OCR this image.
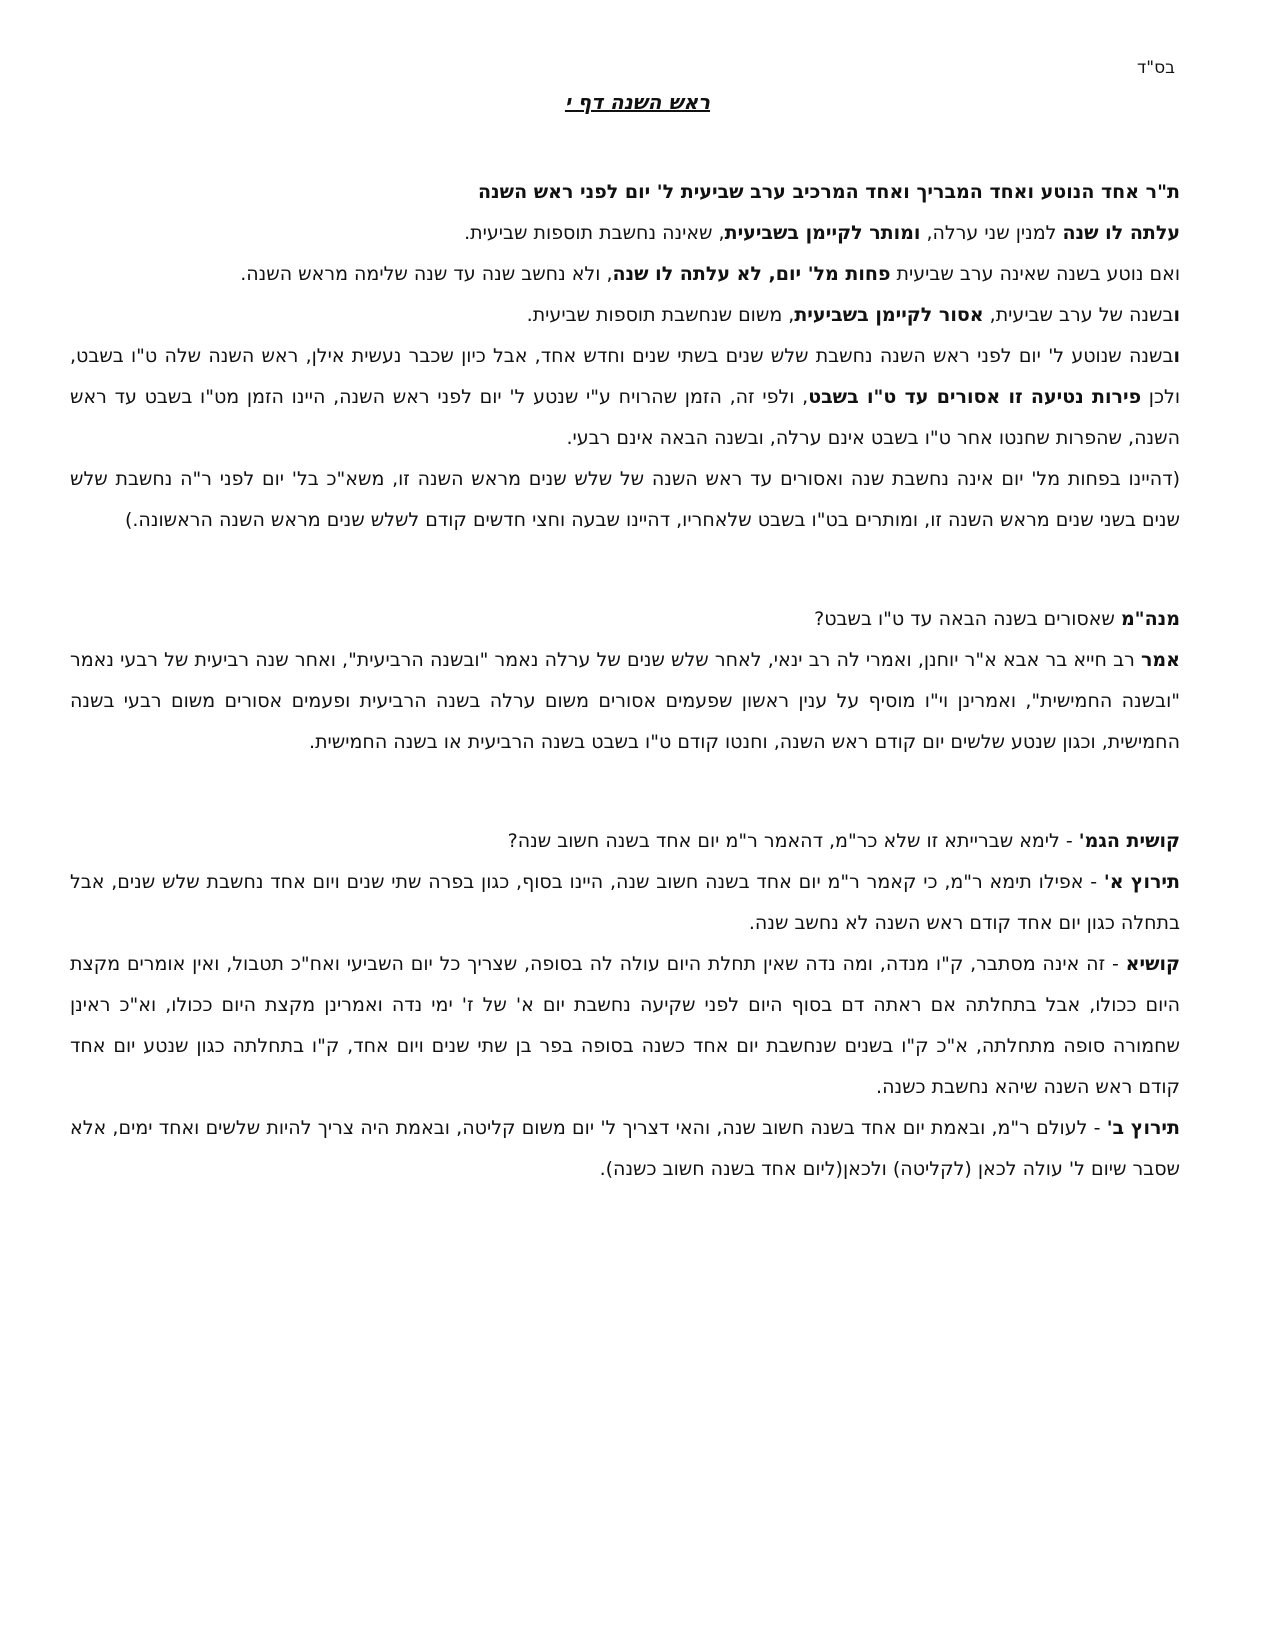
בס"ד
ראש השנה דף י

ת"ר אחד הנוטע ואחד המבריך ואחד המרכיב ערב שביעית ל' יום לפני ראש השנה

עלתה לו שנה למנין שני ערלה, ומותר לקיימן בשביעית, שאינה נחשבת תוספות שביעית.

ואם נוטע בשנה שאינה ערב שביעית פחות מל' יום, לא עלתה לו שנה, ולא נחשב שנה עד שנה שלימה מראש השנה.

ובשנה של ערב שביעית, אסור לקיימן בשביעית, משום שנחשבת תוספות שביעית.

ובשנה שנוטע ל' יום לפני ראש השנה נחשבת שלש שנים בשתי שנים וחדש אחד, אבל כיון שכבר נעשית אילן, ראש השנה שלה ט"ו בשבט, ולכן פירות נטיעה זו אסורים עד ט"ו בשבט, ולפי זה, הזמן שהרויח ע"י שנטע ל' יום לפני ראש השנה, היינו הזמן מט"ו בשבט עד ראש השנה, שהפרות שחנטו אחר ט"ו בשבט אינם ערלה, ובשנה הבאה אינם רבעי.

(דהיינו בפחות מל' יום אינה נחשבת שנה ואסורים עד ראש השנה של שלש שנים מראש השנה זו, משא"כ בל' יום לפני ר"ה נחשבת שלש שנים בשני שנים מראש השנה זו, ומותרים בט"ו בשבט שלאחריו, דהיינו שבעה וחצי חדשים קודם לשלש שנים מראש השנה הראשונה.)

מנה"מ שאסורים בשנה הבאה עד ט"ו בשבט?

אמר רב חייא בר אבא א"ר יוחנן, ואמרי לה רב ינאי, לאחר שלש שנים של ערלה נאמר "ובשנה הרביעית", ואחר שנה רביעית של רבעי נאמר "ובשנה החמישית", ואמרינן וי"ו מוסיף על ענין ראשון שפעמים אסורים משום ערלה בשנה הרביעית ופעמים אסורים משום רבעי בשנה החמישית, וכגון שנטע שלשים יום קודם ראש השנה, וחנטו קודם ט"ו בשבט בשנה הרביעית או בשנה החמישית.

קושית הגמ' - לימא שברייתא זו שלא כר"מ, דהאמר ר"מ יום אחד בשנה חשוב שנה?

תירוץ א' - אפילו תימא ר"מ, כי קאמר ר"מ יום אחד בשנה חשוב שנה, היינו בסוף, כגון בפרה שתי שנים ויום אחד נחשבת שלש שנים, אבל בתחלה כגון יום אחד קודם ראש השנה לא נחשב שנה.

קושיא - זה אינה מסתבר, ק"ו מנדה, ומה נדה שאין תחלת היום עולה לה בסופה, שצריך כל יום השביעי ואח"כ תטבול, ואין אומרים מקצת היום ככולו, אבל בתחלתה אם ראתה דם בסוף היום לפני שקיעה נחשבת יום א' של ז' ימי נדה ואמרינן מקצת היום ככולו, וא"כ ראינן שחמורה סופה מתחלתה, א"כ ק"ו בשנים שנחשבת יום אחד כשנה בסופה בפר בן שתי שנים ויום אחד, ק"ו בתחלתה כגון שנטע יום אחד קודם ראש השנה שיהא נחשבת כשנה.

תירוץ ב' - לעולם ר"מ, ובאמת יום אחד בשנה חשוב שנה, והאי דצריך ל' יום משום קליטה, ובאמת היה צריך להיות שלשים ואחד ימים, אלא שסבר שיום ל' עולה לכאן (לקליטה) ולכאן(ליום אחד בשנה חשוב כשנה).
